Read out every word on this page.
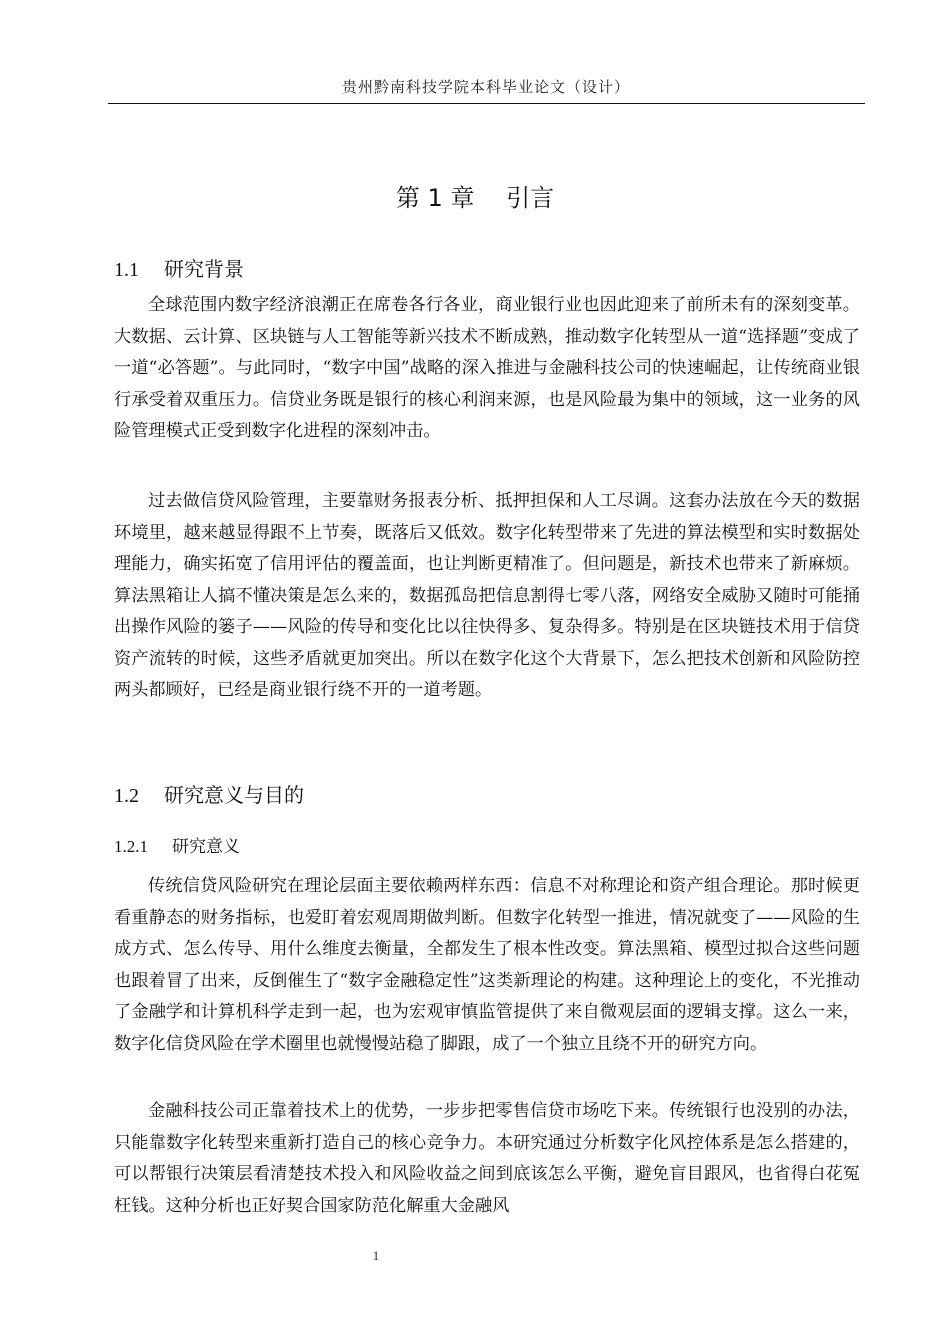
贵州黔南科技学院本科毕业论文（设计）
第 1 章　 引言
1.1 研究背景
全球范围内数字经济浪潮正在席卷各行各业，商业银行业也因此迎来了前所未有的深刻变革。大数据、云计算、区块链与人工智能等新兴技术不断成熟，推动数字化转型从一道“选择题”变成了一道“必答题”。与此同时，“数字中国”战略的深入推进与金融科技公司的快速崛起，让传统商业银行承受着双重压力。信贷业务既是银行的核心利润来源，也是风险最为集中的领域，这一业务的风险管理模式正受到数字化进程的深刻冲击。
过去做信贷风险管理，主要靠财务报表分析、抵押担保和人工尽调。这套办法放在今天的数据环境里，越来越显得跟不上节奏，既落后又低效。数字化转型带来了先进的算法模型和实时数据处理能力，确实拓宽了信用评估的覆盖面，也让判断更精准了。但问题是，新技术也带来了新麻烦。算法黑箱让人搞不懂决策是怎么来的，数据孤岛把信息割得七零八落，网络安全威胁又随时可能捅出操作风险的篓子——风险的传导和变化比以往快得多、复杂得多。特别是在区块链技术用于信贷资产流转的时候，这些矛盾就更加突出。所以在数字化这个大背景下，怎么把技术创新和风险防控两头都顾好，已经是商业银行绕不开的一道考题。
1.2 研究意义与目的
1.2.1 研究意义
传统信贷风险研究在理论层面主要依赖两样东西：信息不对称理论和资产组合理论。那时候更看重静态的财务指标，也爱盯着宏观周期做判断。但数字化转型一推进，情况就变了——风险的生成方式、怎么传导、用什么维度去衡量，全都发生了根本性改变。算法黑箱、模型过拟合这些问题也跟着冒了出来，反倒催生了“数字金融稳定性”这类新理论的构建。这种理论上的变化，不光推动了金融学和计算机科学走到一起，也为宏观审慎监管提供了来自微观层面的逻辑支撑。这么一来，数字化信贷风险在学术圈里也就慢慢站稳了脚跟，成了一个独立且绕不开的研究方向。
金融科技公司正靠着技术上的优势，一步步把零售信贷市场吃下来。传统银行也没别的办法，只能靠数字化转型来重新打造自己的核心竞争力。本研究通过分析数字化风控体系是怎么搭建的，可以帮银行决策层看清楚技术投入和风险收益之间到底该怎么平衡，避免盲目跟风，也省得白花冤枉钱。这种分析也正好契合国家防范化解重大金融风
1
